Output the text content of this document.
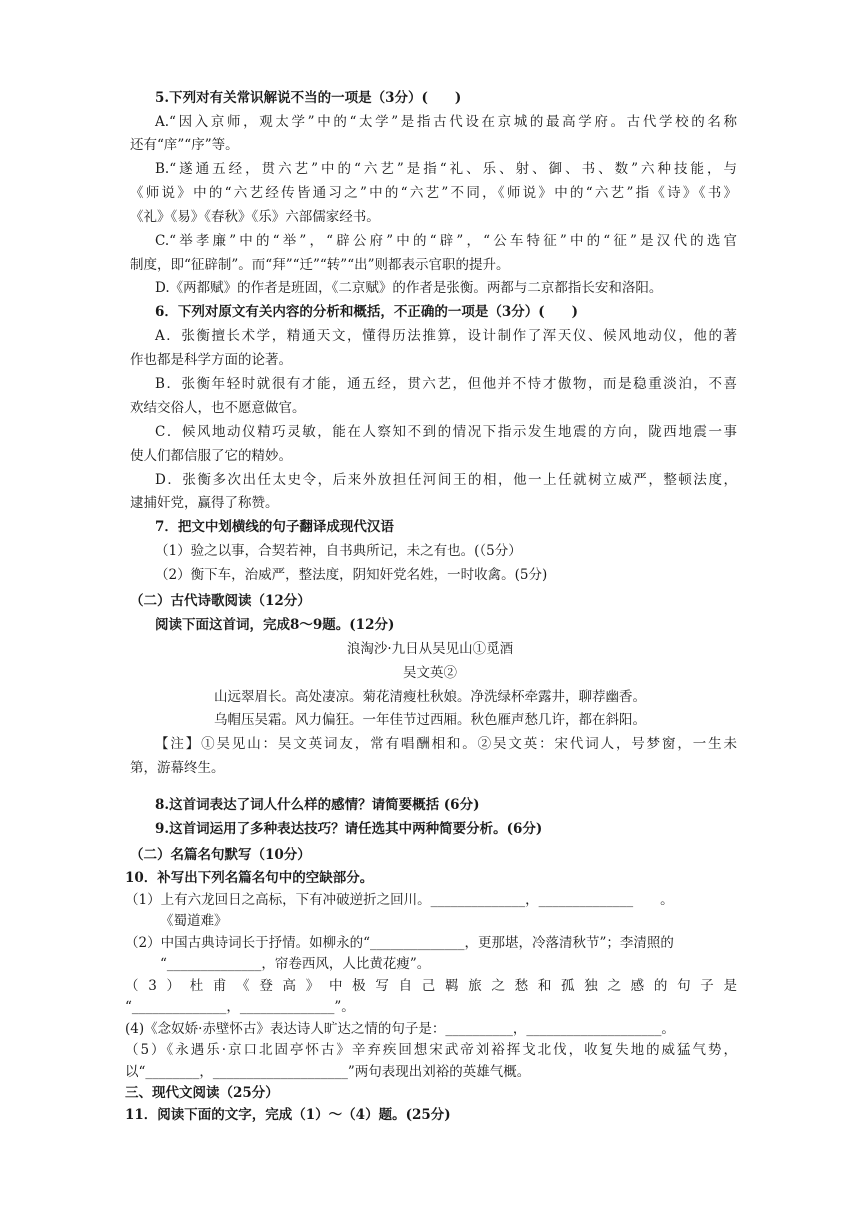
5.下列对有关常识解说不当的一项是（3分）(　　)
A.“因入京师，观太学”中的“太学”是指古代设在京城的最高学府。古代学校的名称
还有“庠”“序”等。
B.“遂通五经，贯六艺”中的“六艺”是指“礼、乐、射、御、书、数”六种技能，与
《师说》中的“六艺经传皆通习之”中的“六艺”不同，《师说》中的“六艺”指《诗》《书》
《礼》《易》《春秋》《乐》六部儒家经书。
C.“举孝廉”中的“举”，“辟公府”中的“辟”，“公车特征”中的“征”是汉代的选官
制度，即“征辟制”。而“拜”“迁”“转”“出”则都表示官职的提升。
D.《两都赋》的作者是班固，《二京赋》的作者是张衡。两都与二京都指长安和洛阳。
6．下列对原文有关内容的分析和概括，不正确的一项是（3分）(　　)
A．张衡擅长术学，精通天文，懂得历法推算，设计制作了浑天仪、候风地动仪，他的著
作也都是科学方面的论著。
B．张衡年轻时就很有才能，通五经，贯六艺，但他并不恃才傲物，而是稳重淡泊，不喜
欢结交俗人，也不愿意做官。
C．候风地动仪精巧灵敏，能在人察知不到的情况下指示发生地震的方向，陇西地震一事
使人们都信服了它的精妙。
D．张衡多次出任太史令，后来外放担任河间王的相，他一上任就树立威严，整顿法度，
逮捕奸党，赢得了称赞。
7．把文中划横线的句子翻译成现代汉语
（1）验之以事，合契若神，自书典所记，未之有也。(（5分）
（2）衡下车，治威严，整法度，阴知奸党名姓，一时收禽。(5分)
（二）古代诗歌阅读（12分）
阅读下面这首词，完成8～9题。(12分)
浪淘沙·九日从吴见山①觅酒
吴文英②
山远翠眉长。高处凄凉。菊花清瘦杜秋娘。净洗绿杯牵露井，聊荐幽香。
乌帽压吴霜。风力偏狂。一年佳节过西厢。秋色雁声愁几许，都在斜阳。
【注】①吴见山：吴文英词友，常有唱酬相和。②吴文英：宋代词人，号梦窗，一生未
第，游幕终生。
8.这首词表达了词人什么样的感情？请简要概括 (6分)
9.这首词运用了多种表达技巧？请任选其中两种简要分析。(6分)
（二）名篇名句默写（10分）
10．补写出下列名篇名句中的空缺部分。
（1）上有六龙回日之高标，下有冲破逆折之回川。______________，______________　　。
《蜀道难》
（2）中国古典诗词长于抒情。如柳永的“______________，更那堪，冷落清秋节”；李清照的
“______________，帘卷西风，人比黄花瘦”。
（3）杜甫《登高》中极写自己羁旅之愁和孤独之感的句子是
“______________，______________”。
(4)《念奴娇·赤壁怀古》表达诗人旷达之情的句子是：__________，____________________。
（5）《永遇乐·京口北固亭怀古》辛弃疾回想宋武帝刘裕挥戈北伐，收复失地的威猛气势，
以“________，____________________”两句表现出刘裕的英雄气概。
三、现代文阅读（25分）
11．阅读下面的文字，完成（1）～（4）题。(25分)
